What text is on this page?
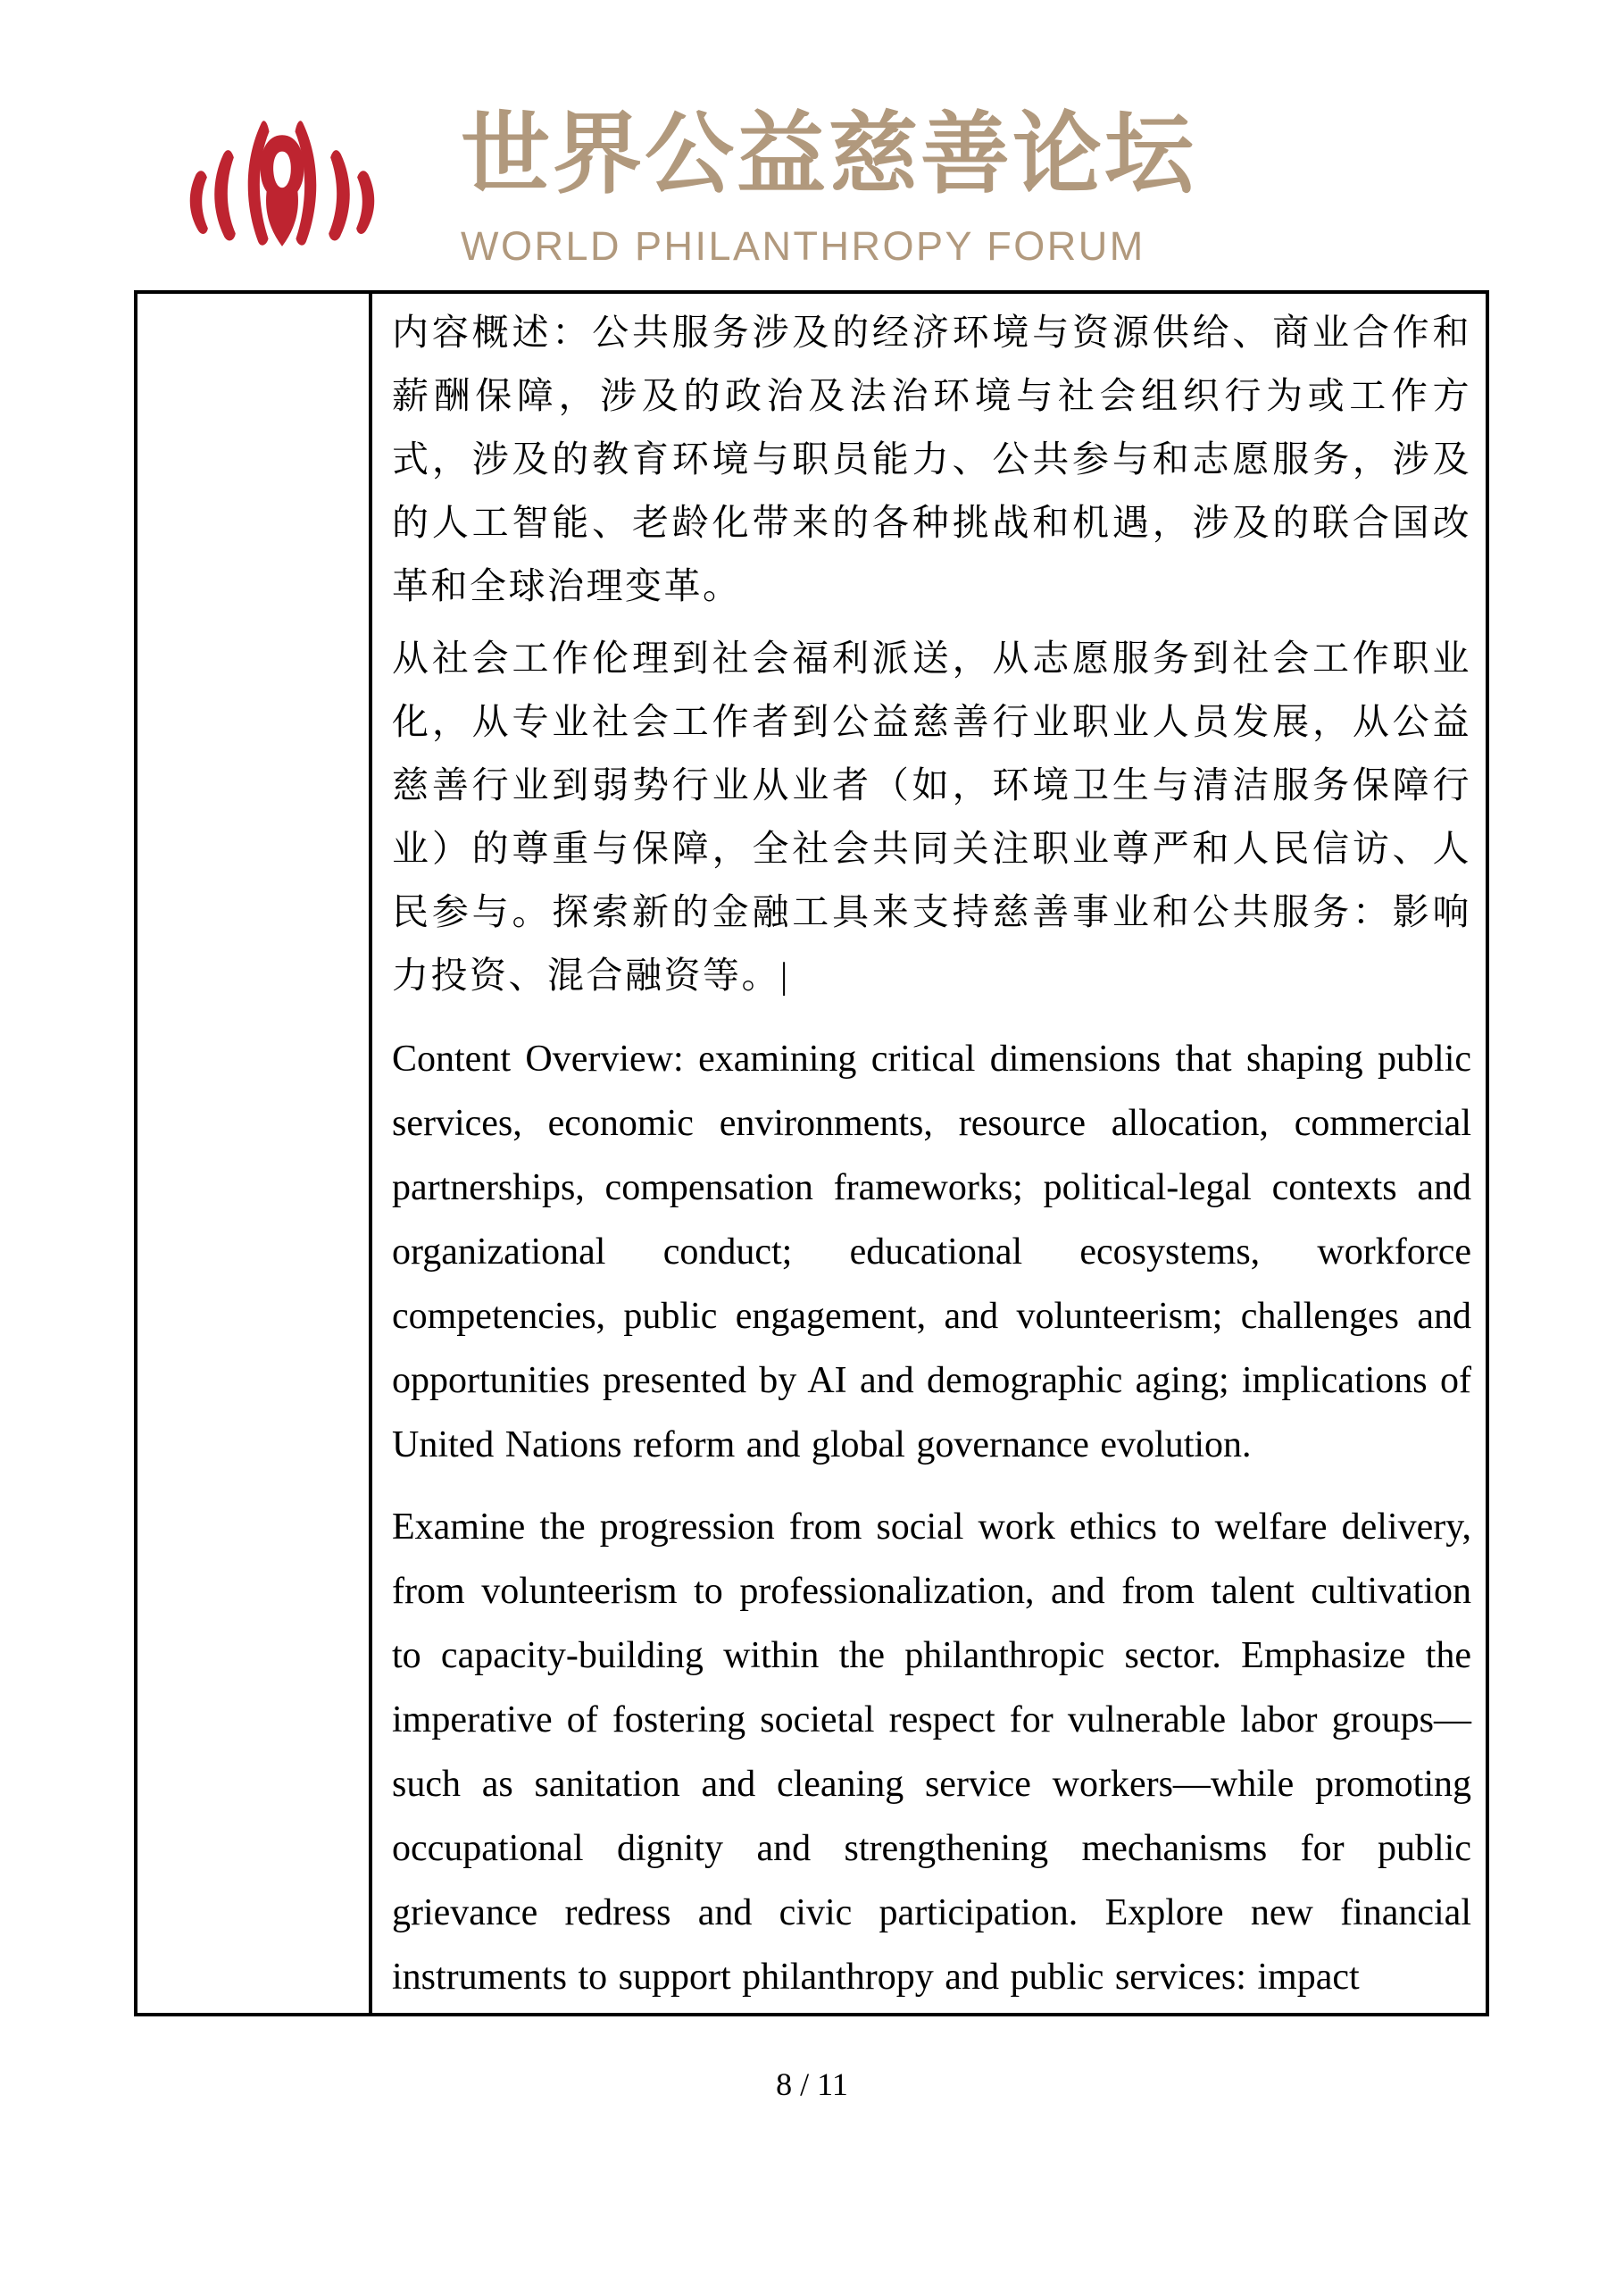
世界公益慈善论坛
WORLD PHILANTHROPY FORUM

内容概述：公共服务涉及的经济环境与资源供给、商业合作和薪酬保障，涉及的政治及法治环境与社会组织行为或工作方式，涉及的教育环境与职员能力、公共参与和志愿服务，涉及的人工智能、老龄化带来的各种挑战和机遇，涉及的联合国改革和全球治理变革。

从社会工作伦理到社会福利派送，从志愿服务到社会工作职业化，从专业社会工作者到公益慈善行业职业人员发展，从公益慈善行业到弱势行业从业者（如，环境卫生与清洁服务保障行业）的尊重与保障，全社会共同关注职业尊严和人民信访、人民参与。探索新的金融工具来支持慈善事业和公共服务：影响力投资、混合融资等。|

Content Overview: examining critical dimensions that shaping public services, economic environments, resource allocation, commercial partnerships, compensation frameworks; political-legal contexts and organizational conduct; educational ecosystems, workforce competencies, public engagement, and volunteerism; challenges and opportunities presented by AI and demographic aging; implications of United Nations reform and global governance evolution.

Examine the progression from social work ethics to welfare delivery, from volunteerism to professionalization, and from talent cultivation to capacity-building within the philanthropic sector. Emphasize the imperative of fostering societal respect for vulnerable labor groups—such as sanitation and cleaning service workers—while promoting occupational dignity and strengthening mechanisms for public grievance redress and civic participation. Explore new financial instruments to support philanthropy and public services: impact

8 / 11
